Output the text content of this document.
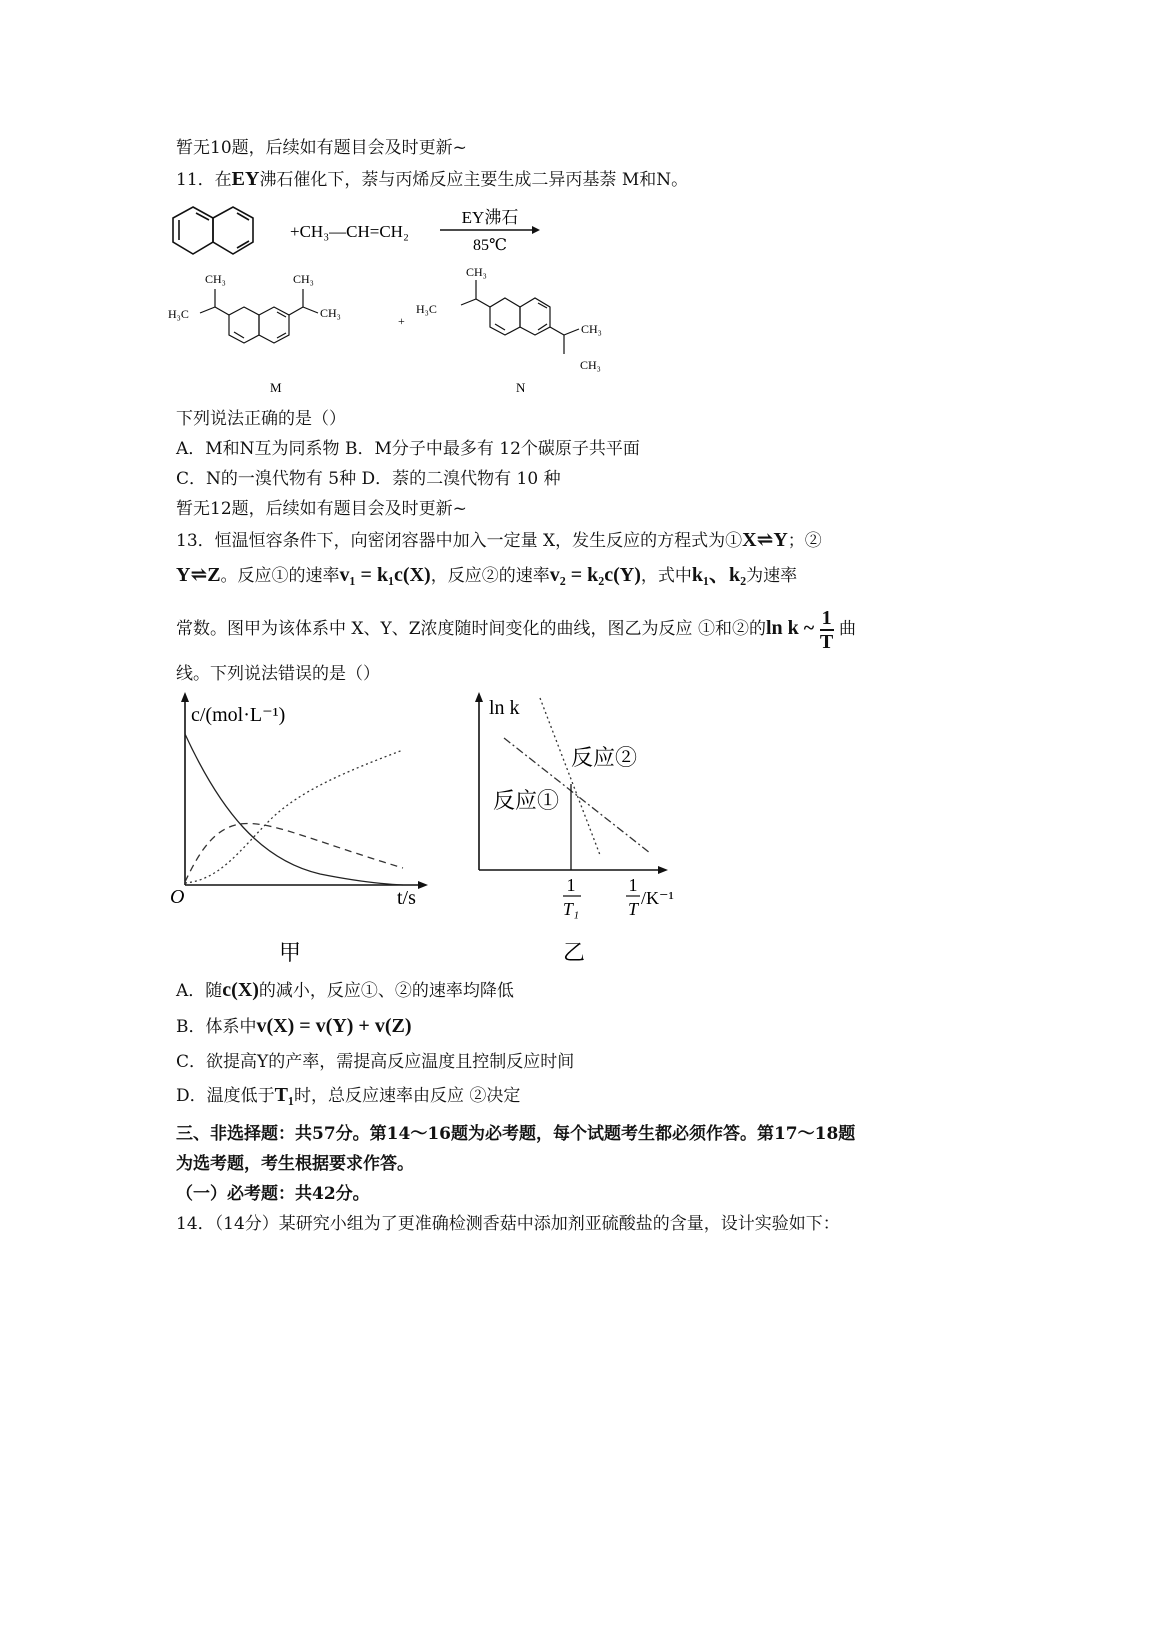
暂无10题，后续如有题目会及时更新~
11．在EY沸石催化下，萘与丙烯反应主要生成二异丙基萘 M和N。
+CH₃—CH=CH₂
EY沸石
85℃
CH₃
H₃C
CH₃
CH₃
M
+
CH₃
H₃C
CH₃
CH₃
N
下列说法正确的是（）
A．M和N互为同系物 B．M分子中最多有 12个碳原子共平面
C．N的一溴代物有 5种 D．萘的二溴代物有 10 种
暂无12题，后续如有题目会及时更新~
13．恒温恒容条件下，向密闭容器中加入一定量 X，发生反应的方程式为①X⇌Y；②
Y⇌Z。反应①的速率v₁ = k₁c(X)，反应②的速率v₂ = k₂c(Y)，式中k₁、k₂为速率
常数。图甲为该体系中 X、Y、Z浓度随时间变化的曲线，图乙为反应 ①和②的ln k ~ $\frac{1}{T}$ 曲
线。下列说法错误的是（）
c/(mol·L⁻¹)
O	t/s
甲
ln k
反应①
反应②
1
T₁
1
T
/K⁻¹
乙
A．随c(X)的减小，反应①、②的速率均降低
B．体系中v(X) = v(Y) + v(Z)
C．欲提高Y的产率，需提高反应温度且控制反应时间
D．温度低于T₁时，总反应速率由反应 ②决定
三、非选择题：共57分。第14～16题为必考题，每个试题考生都必须作答。第17～18题
为选考题，考生根据要求作答。
（一）必考题：共42分。
14．（14分）某研究小组为了更准确检测香菇中添加剂亚硫酸盐的含量，设计实验如下：
